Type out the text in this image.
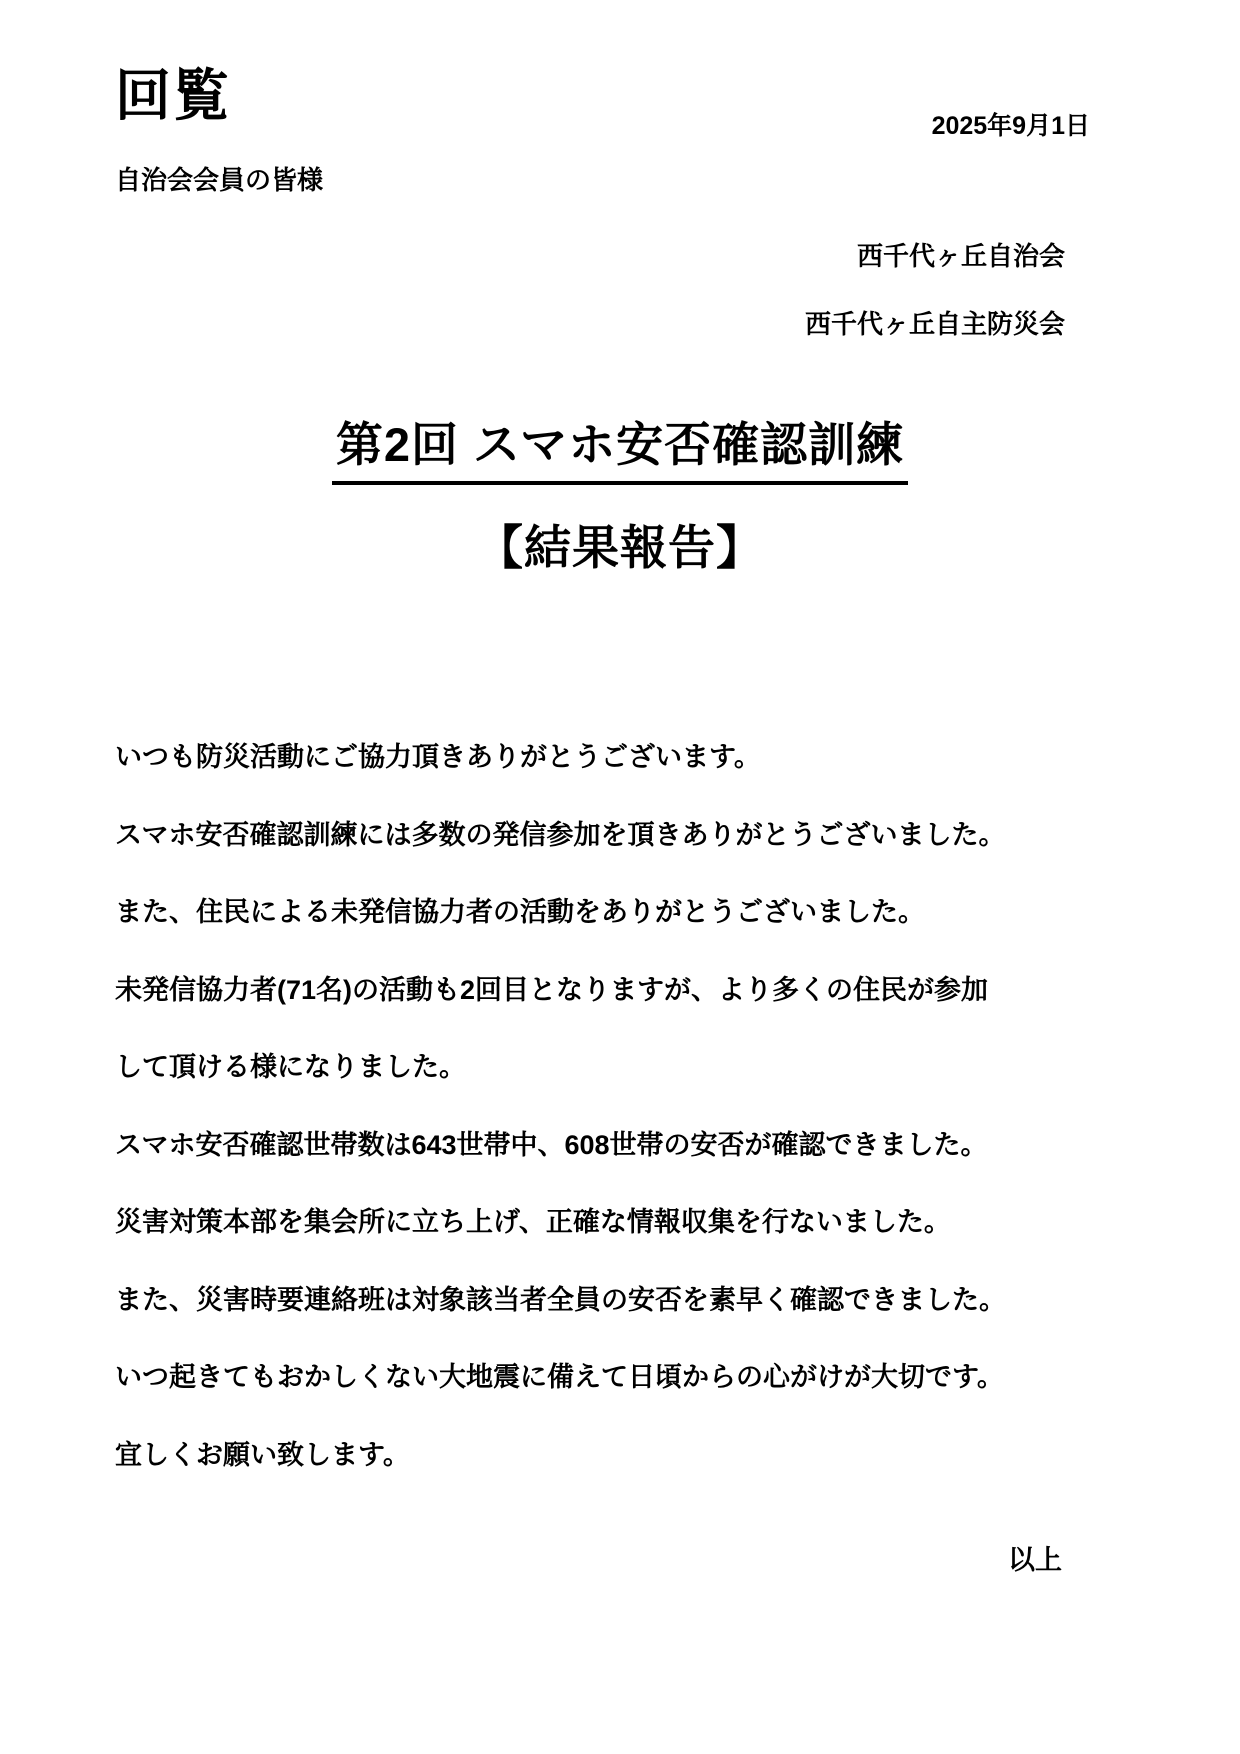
回覧	2025年9月1日
自治会会員の皆様
西千代ヶ丘自治会
西千代ヶ丘自主防災会
第2回 スマホ安否確認訓練
【結果報告】
いつも防災活動にご協力頂きありがとうございます。
スマホ安否確認訓練には多数の発信参加を頂きありがとうございました。
また、住民による未発信協力者の活動をありがとうございました。
未発信協力者(71名)の活動も2回目となりますが、より多くの住民が参加
して頂ける様になりました。
スマホ安否確認世帯数は643世帯中、608世帯の安否が確認できました。
災害対策本部を集会所に立ち上げ、正確な情報収集を行ないました。
また、災害時要連絡班は対象該当者全員の安否を素早く確認できました。
いつ起きてもおかしくない大地震に備えて日頃からの心がけが大切です。
宜しくお願い致します。
以上
